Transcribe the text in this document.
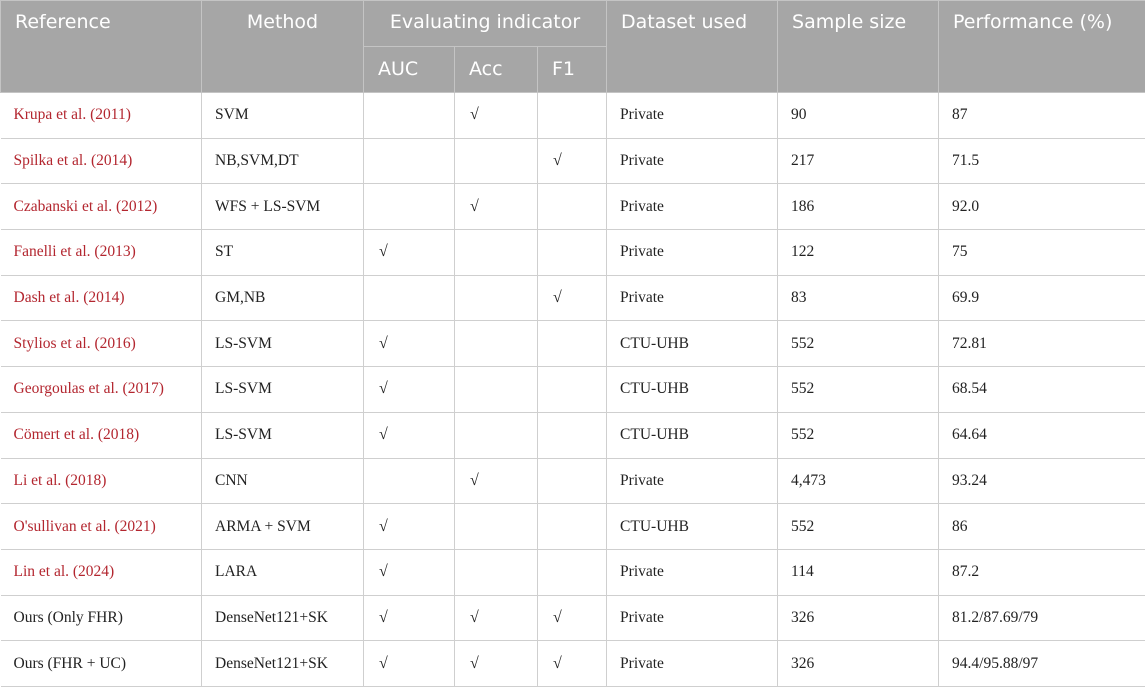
Reference	Method	Evaluating indicator			Dataset used	Sample size	Performance (%)
		AUC	Acc	F1			
Krupa et al. (2011)	SVM		√		Private	90	87
Spilka et al. (2014)	NB,SVM,DT			√	Private	217	71.5
Czabanski et al. (2012)	WFS + LS-SVM		√		Private	186	92.0
Fanelli et al. (2013)	ST	√			Private	122	75
Dash et al. (2014)	GM,NB			√	Private	83	69.9
Stylios et al. (2016)	LS-SVM	√			CTU-UHB	552	72.81
Georgoulas et al. (2017)	LS-SVM	√			CTU-UHB	552	68.54
Cömert et al. (2018)	LS-SVM	√			CTU-UHB	552	64.64
Li et al. (2018)	CNN		√		Private	4,473	93.24
O'sullivan et al. (2021)	ARMA + SVM	√			CTU-UHB	552	86
Lin et al. (2024)	LARA	√			Private	114	87.2
Ours (Only FHR)	DenseNet121+SK	√	√	√	Private	326	81.2/87.69/79
Ours (FHR + UC)	DenseNet121+SK	√	√	√	Private	326	94.4/95.88/97
